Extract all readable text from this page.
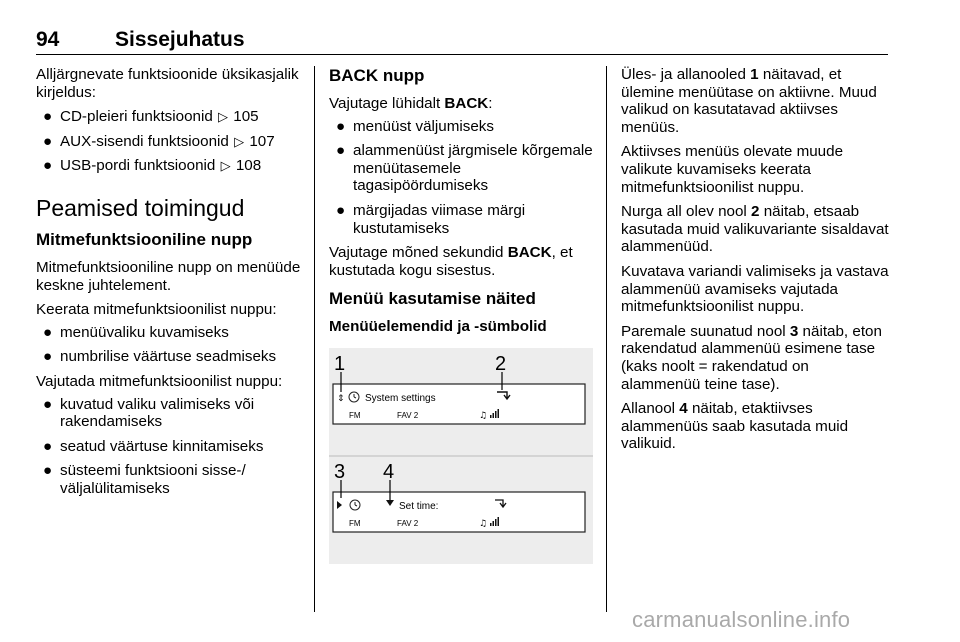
94	Sissejuhatus

Alljärgnevate funktsioonide üksikasjalik kirjeldus:

● CD-pleieri funktsioonid ▷ 105
● AUX-sisendi funktsioonid ▷ 107
● USB-pordi funktsioonid ▷ 108
Peamised toimingud
Mitmefunktsiooniline nupp

Mitmefunktsiooniline nupp on menüüde keskne juhtelement.

Keerata mitmefunktsioonilist nuppu:

● menüüvaliku kuvamiseks
● numbrilise väärtuse seadmiseks

Vajutada mitmefunktsioonilist nuppu:

● kuvatud valiku valimiseks või rakendamiseks
● seatud väärtuse kinnitamiseks
● süsteemi funktsiooni sisse-/ väljalülitamiseks
BACK nupp

Vajutage lühidalt BACK:

● menüüst väljumiseks
● alammenüüst järgmisele kõrgemale menüütasemele tagasipöördumiseks
● märgijadas viimase märgi kustutamiseks

Vajutage mõned sekundid BACK, et kustutada kogu sisestus.

Menüü kasutamise näited
Menüüelemendid ja -sümbolid
1	2
3 4
⇕ System settings
FM	FAV 2	♫
Set time:
FM	FAV 2	♫

Üles- ja allanooled 1 näitavad, et ülemine menüütase on aktiivne. Muud valikud on kasutatavad aktiivses menüüs.

Aktiivses menüüs olevate muude valikute kuvamiseks keerata mitmefunktsioonilist nuppu.

Nurga all olev nool 2 näitab, etsaab kasutada muid valikuvariante sisaldavat alammenüüd.

Kuvatava variandi valimiseks ja vastava alammenüü avamiseks vajutada mitmefunktsioonilist nuppu.

Paremale suunatud nool 3 näitab, eton rakendatud alammenüü esimene tase (kaks noolt = rakendatud on alammenüü teine tase).

Allanool 4 näitab, etaktiivses alammenüüs saab kasutada muid valikuid.

carmanualsonline.info
